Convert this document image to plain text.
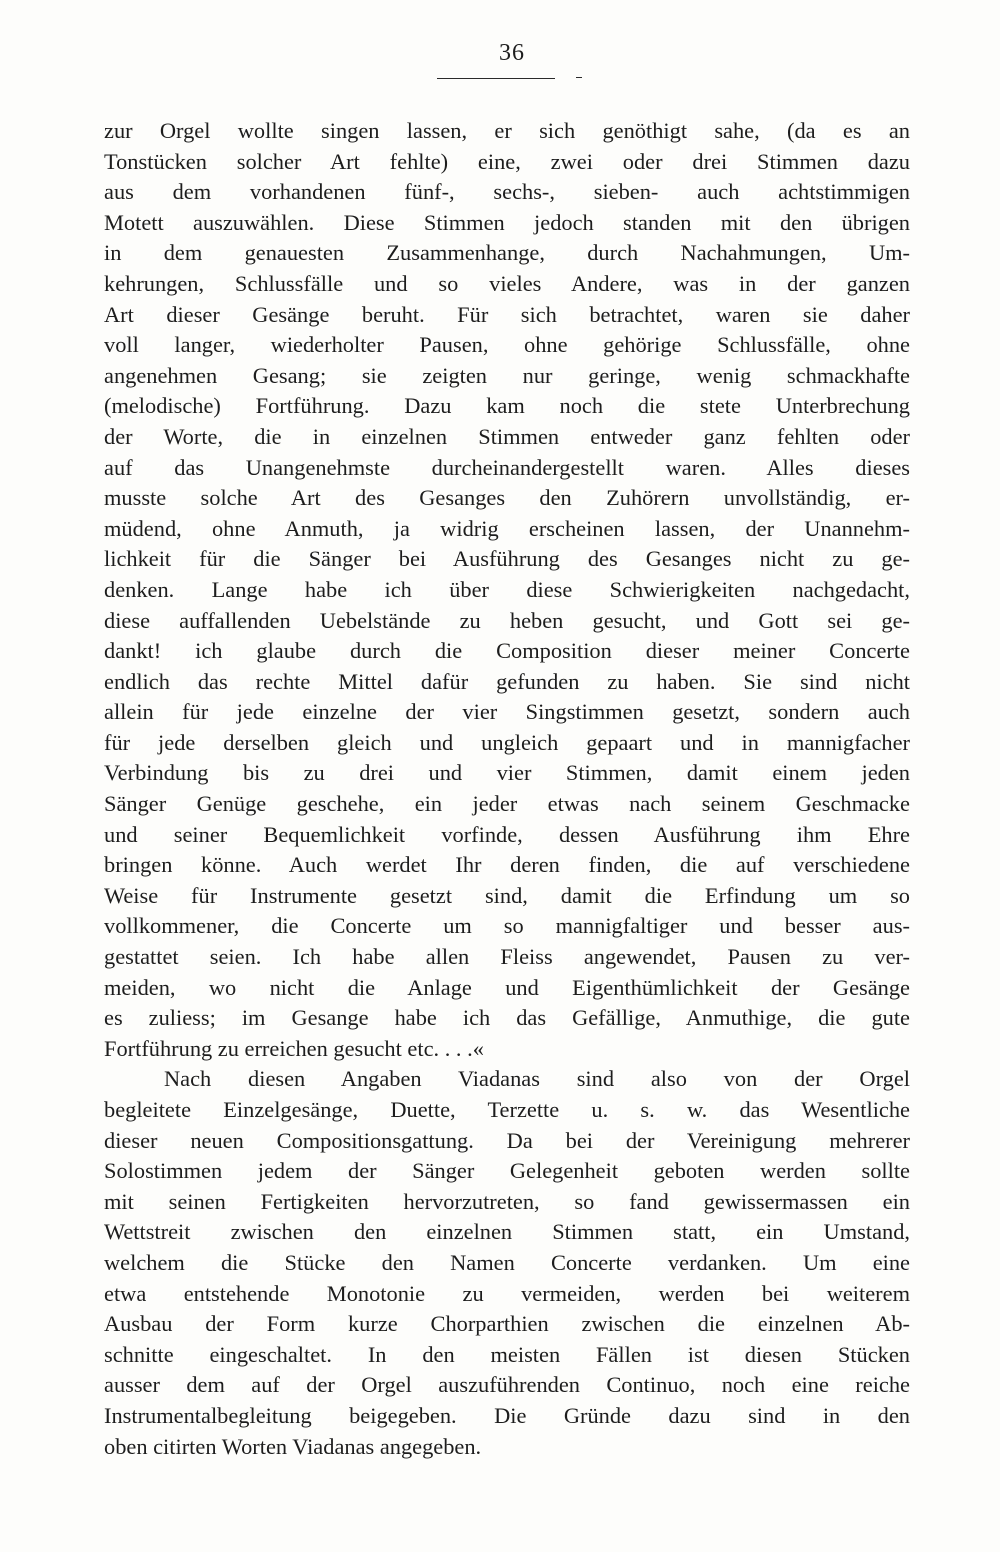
36
zur Orgel wollte singen lassen, er sich genöthigt sahe, (da es an
Tonstücken solcher Art fehlte) eine, zwei oder drei Stimmen dazu
aus dem vorhandenen fünf-, sechs-, sieben- auch achtstimmigen
Motett auszuwählen. Diese Stimmen jedoch standen mit den übrigen
in dem genauesten Zusammenhange, durch Nachahmungen, Um-
kehrungen, Schlussfälle und so vieles Andere, was in der ganzen
Art dieser Gesänge beruht. Für sich betrachtet, waren sie daher
voll langer, wiederholter Pausen, ohne gehörige Schlussfälle, ohne
angenehmen Gesang; sie zeigten nur geringe, wenig schmackhafte
(melodische) Fortführung. Dazu kam noch die stete Unterbrechung
der Worte, die in einzelnen Stimmen entweder ganz fehlten oder
auf das Unangenehmste durcheinandergestellt waren. Alles dieses
musste solche Art des Gesanges den Zuhörern unvollständig, er-
müdend, ohne Anmuth, ja widrig erscheinen lassen, der Unannehm-
lichkeit für die Sänger bei Ausführung des Gesanges nicht zu ge-
denken. Lange habe ich über diese Schwierigkeiten nachgedacht,
diese auffallenden Uebelstände zu heben gesucht, und Gott sei ge-
dankt! ich glaube durch die Composition dieser meiner Concerte
endlich das rechte Mittel dafür gefunden zu haben. Sie sind nicht
allein für jede einzelne der vier Singstimmen gesetzt, sondern auch
für jede derselben gleich und ungleich gepaart und in mannigfacher
Verbindung bis zu drei und vier Stimmen, damit einem jeden
Sänger Genüge geschehe, ein jeder etwas nach seinem Geschmacke
und seiner Bequemlichkeit vorfinde, dessen Ausführung ihm Ehre
bringen könne. Auch werdet Ihr deren finden, die auf verschiedene
Weise für Instrumente gesetzt sind, damit die Erfindung um so
vollkommener, die Concerte um so mannigfaltiger und besser aus-
gestattet seien. Ich habe allen Fleiss angewendet, Pausen zu ver-
meiden, wo nicht die Anlage und Eigenthümlichkeit der Gesänge
es zuliess; im Gesange habe ich das Gefällige, Anmuthige, die gute
Fortführung zu erreichen gesucht etc. . . .«
Nach diesen Angaben Viadanas sind also von der Orgel
begleitete Einzelgesänge, Duette, Terzette u. s. w. das Wesentliche
dieser neuen Compositionsgattung. Da bei der Vereinigung mehrerer
Solostimmen jedem der Sänger Gelegenheit geboten werden sollte
mit seinen Fertigkeiten hervorzutreten, so fand gewissermassen ein
Wettstreit zwischen den einzelnen Stimmen statt, ein Umstand,
welchem die Stücke den Namen Concerte verdanken. Um eine
etwa entstehende Monotonie zu vermeiden, werden bei weiterem
Ausbau der Form kurze Chorparthien zwischen die einzelnen Ab-
schnitte eingeschaltet. In den meisten Fällen ist diesen Stücken
ausser dem auf der Orgel auszuführenden Continuo, noch eine reiche
Instrumentalbegleitung beigegeben. Die Gründe dazu sind in den
oben citirten Worten Viadanas angegeben.
